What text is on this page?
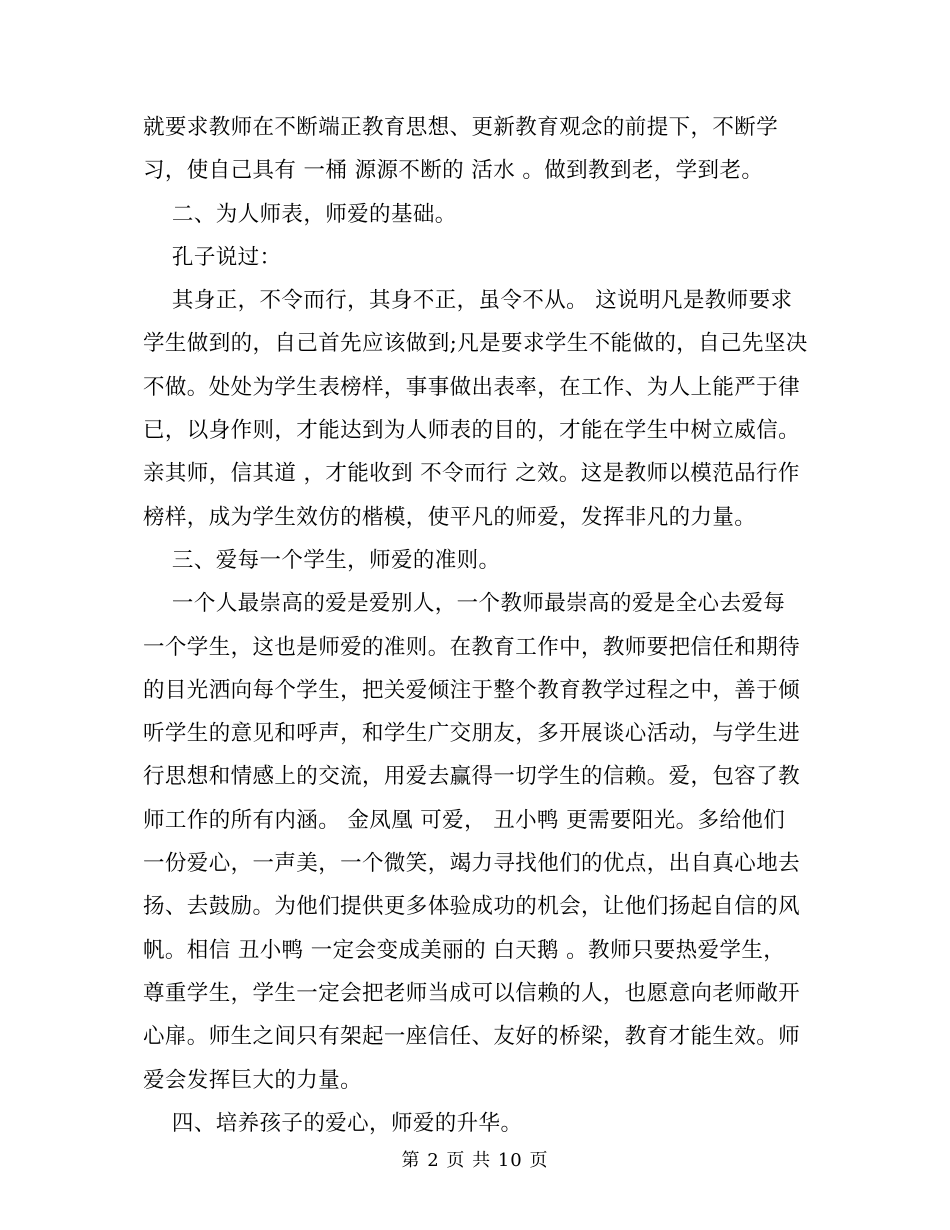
就要求教师在不断端正教育思想、更新教育观念的前提下，不断学
习，使自己具有 一桶 源源不断的 活水 。做到教到老，学到老。
二、为人师表，师爱的基础。
孔子说过：
其身正，不令而行，其身不正，虽令不从。 这说明凡是教师要求
学生做到的，自己首先应该做到;凡是要求学生不能做的，自己先坚决
不做。处处为学生表榜样，事事做出表率，在工作、为人上能严于律
已，以身作则，才能达到为人师表的目的，才能在学生中树立威信。
亲其师，信其道 ，才能收到 不令而行 之效。这是教师以模范品行作
榜样，成为学生效仿的楷模，使平凡的师爱，发挥非凡的力量。
三、爱每一个学生，师爱的准则。
一个人最崇高的爱是爱别人，一个教师最崇高的爱是全心去爱每
一个学生，这也是师爱的准则。在教育工作中，教师要把信任和期待
的目光洒向每个学生，把关爱倾注于整个教育教学过程之中，善于倾
听学生的意见和呼声，和学生广交朋友，多开展谈心活动，与学生进
行思想和情感上的交流，用爱去赢得一切学生的信赖。爱，包容了教
师工作的所有内涵。 金凤凰 可爱， 丑小鸭 更需要阳光。多给他们
一份爱心，一声美，一个微笑，竭力寻找他们的优点，出自真心地去
扬、去鼓励。为他们提供更多体验成功的机会，让他们扬起自信的风
帆。相信 丑小鸭 一定会变成美丽的 白天鹅 。教师只要热爱学生，
尊重学生，学生一定会把老师当成可以信赖的人，也愿意向老师敞开
心扉。师生之间只有架起一座信任、友好的桥梁，教育才能生效。师
爱会发挥巨大的力量。
四、培养孩子的爱心，师爱的升华。
第 2 页 共 10 页
